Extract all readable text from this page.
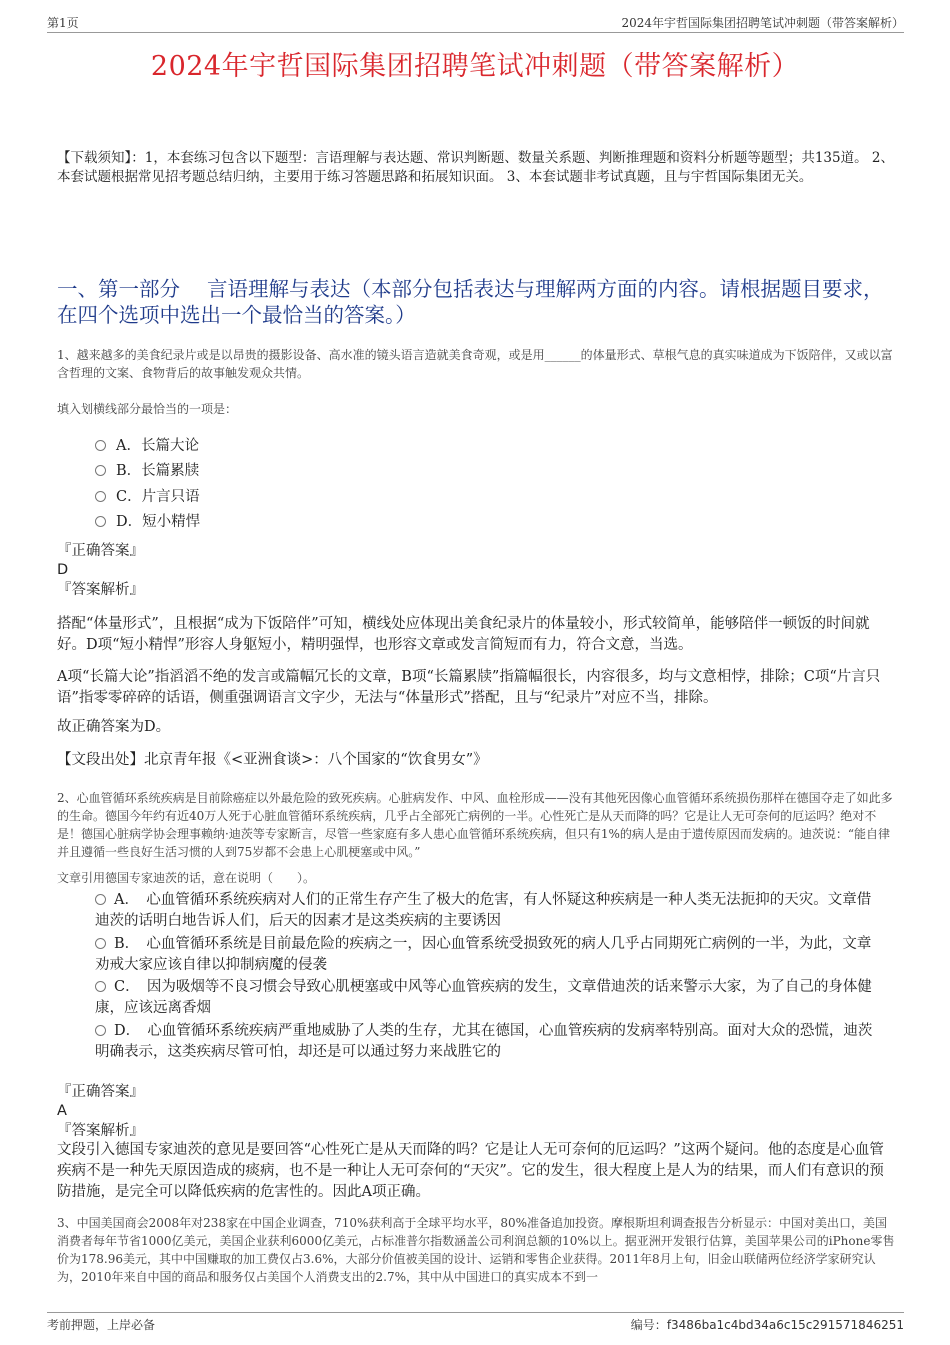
第1页	2024年宇哲国际集团招聘笔试冲刺题（带答案解析）
2024年宇哲国际集团招聘笔试冲刺题（带答案解析）
【下载须知】：1，本套练习包含以下题型：言语理解与表达题、常识判断题、数量关系题、判断推理题和资料分析题等题型；共135道。 2、本套试题根据常见招考题总结归纳，主要用于练习答题思路和拓展知识面。 3、本套试题非考试真题，且与宇哲国际集团无关。
一、第一部分　 言语理解与表达（本部分包括表达与理解两方面的内容。请根据题目要求，在四个选项中选出一个最恰当的答案。）
1、越来越多的美食纪录片或是以昂贵的摄影设备、高水准的镜头语言造就美食奇观，或是用______的体量形式、草根气息的真实味道成为下饭陪伴，又或以富含哲理的文案、食物背后的故事触发观众共情。
填入划横线部分最恰当的一项是：
A．长篇大论
B．长篇累牍
C．片言只语
D．短小精悍
『正确答案』
D
『答案解析』
搭配“体量形式”，且根据“成为下饭陪伴”可知，横线处应体现出美食纪录片的体量较小，形式较简单，能够陪伴一顿饭的时间就好。D项“短小精悍”形容人身躯短小，精明强悍，也形容文章或发言简短而有力，符合文意，当选。
A项“长篇大论”指滔滔不绝的发言或篇幅冗长的文章，B项“长篇累牍”指篇幅很长，内容很多，均与文意相悖，排除；C项“片言只语”指零零碎碎的话语，侧重强调语言文字少，无法与“体量形式”搭配，且与“纪录片”对应不当，排除。
故正确答案为D。
【文段出处】北京青年报《<亚洲食谈>：八个国家的“饮食男女”》
2、心血管循环系统疾病是目前除癌症以外最危险的致死疾病。心脏病发作、中风、血栓形成——没有其他死因像心血管循环系统损伤那样在德国夺走了如此多的生命。德国今年约有近40万人死于心脏血管循环系统疾病，几乎占全部死亡病例的一半。心性死亡是从天而降的吗？它是让人无可奈何的厄运吗？绝对不是！德国心脏病学协会理事赖纳·迪茨等专家断言，尽管一些家庭有多人患心血管循环系统疾病，但只有1%的病人是由于遗传原因而发病的。迪茨说：“能自律并且遵循一些良好生活习惯的人到75岁都不会患上心肌梗塞或中风。”
文章引用德国专家迪茨的话，意在说明（　　）。
A．　心血管循环系统疾病对人们的正常生存产生了极大的危害，有人怀疑这种疾病是一种人类无法扼抑的天灾。文章借迪茨的话明白地告诉人们，后天的因素才是这类疾病的主要诱因
B．　心血管循环系统是目前最危险的疾病之一，因心血管系统受损致死的病人几乎占同期死亡病例的一半，为此，文章劝戒大家应该自律以抑制病魔的侵袭
C．　因为吸烟等不良习惯会导致心肌梗塞或中风等心血管疾病的发生，文章借迪茨的话来警示大家，为了自己的身体健康，应该远离香烟
D．　心血管循环系统疾病严重地威胁了人类的生存，尤其在德国，心血管疾病的发病率特别高。面对大众的恐慌，迪茨明确表示，这类疾病尽管可怕，却还是可以通过努力来战胜它的
『正确答案』
A
『答案解析』
文段引入德国专家迪茨的意见是要回答“心性死亡是从天而降的吗？它是让人无可奈何的厄运吗？”这两个疑问。他的态度是心血管疾病不是一种先天原因造成的痰病，也不是一种让人无可奈何的“天灾”。它的发生，很大程度上是人为的结果，而人们有意识的预防措施，是完全可以降低疾病的危害性的。因此A项正确。
3、中国美国商会2008年对238家在中国企业调查，710%获利高于全球平均水平，80%准备追加投资。摩根斯坦利调查报告分析显示：中国对美出口，美国消费者每年节省1000亿美元，美国企业获利6000亿美元，占标准普尔指数涵盖公司利润总额的10%以上。据亚洲开发银行估算，美国苹果公司的iPhone零售价为178.96美元，其中中国赚取的加工费仅占3.6%，大部分价值被美国的设计、运销和零售企业获得。2011年8月上旬，旧金山联储两位经济学家研究认为，2010年来自中国的商品和服务仅占美国个人消费支出的2.7%，其中从中国进口的真实成本不到一
考前押题，上岸必备	编号：f3486ba1c4bd34a6c15c291571846251
